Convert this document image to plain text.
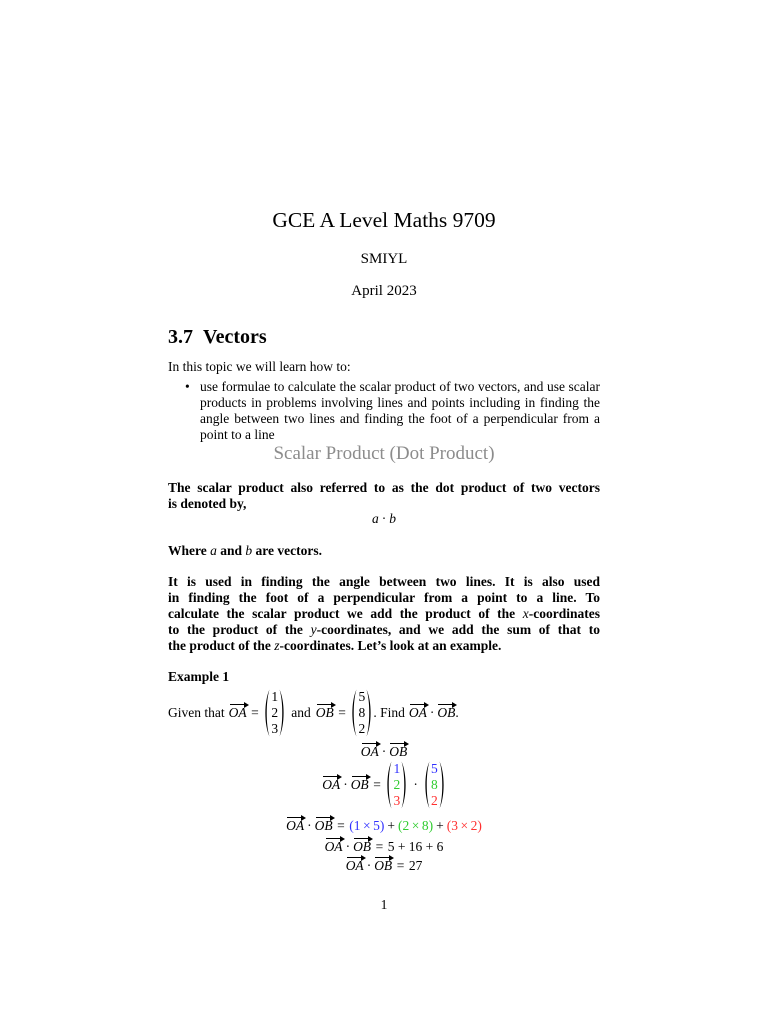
GCE A Level Maths 9709
SMIYL
April 2023
3.7 Vectors
In this topic we will learn how to:
• use formulae to calculate the scalar product of two vectors, and use scalar
products in problems involving lines and points including in finding the
angle between two lines and finding the foot of a perpendicular from a
point to a line
Scalar Product (Dot Product)
The scalar product also referred to as the dot product of two vectors
is denoted by,
a · b
Where a and b are vectors.
It is used in finding the angle between two lines. It is also used
in finding the foot of a perpendicular from a point to a line. To
calculate the scalar product we add the product of the x-coordinates
to the product of the y-coordinates, and we add the sum of that to
the product of the z-coordinates. Let’s look at an example.
Example 1
Given that OA =
1
2
3
and OB =
5
8
2
. Find OA · OB .
OA · OB
OA · OB =
1
2
3
·
5
8
2
OA · OB = ( 1 × 5 ) + ( 2 × 8 ) + ( 3 × 2 )
OA · OB = 5 + 16 + 6
OA · OB = 27
1
